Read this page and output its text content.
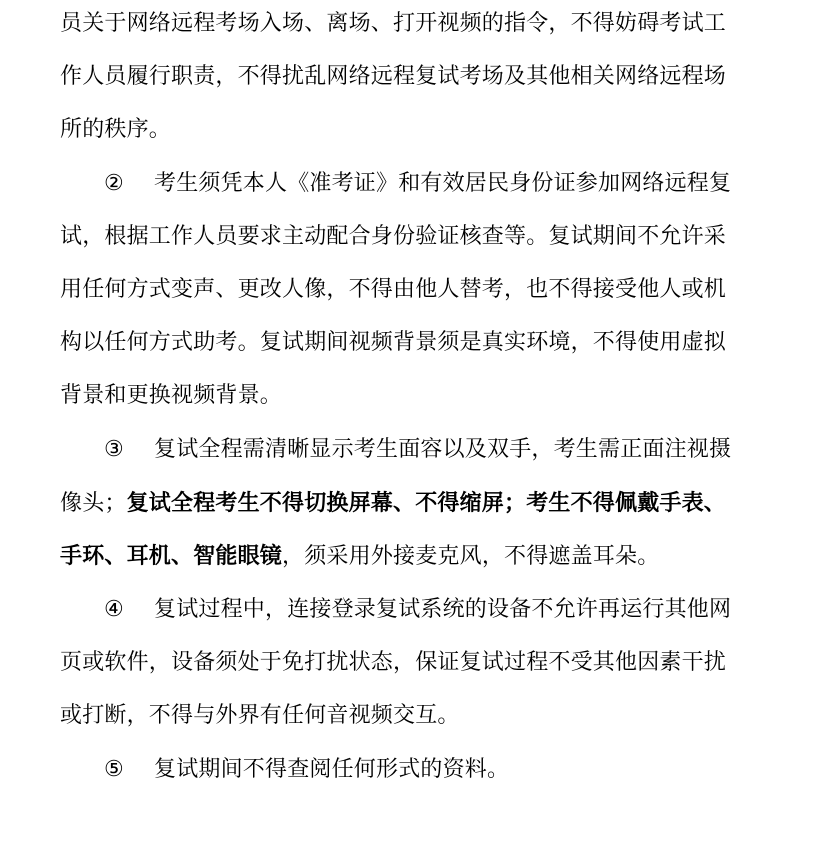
员关于网络远程考场入场、离场、打开视频的指令，不得妨碍考试工
作人员履行职责，不得扰乱网络远程复试考场及其他相关网络远程场
所的秩序。
② 考生须凭本人《准考证》和有效居民身份证参加网络远程复
试，根据工作人员要求主动配合身份验证核查等。复试期间不允许采
用任何方式变声、更改人像，不得由他人替考，也不得接受他人或机
构以任何方式助考。复试期间视频背景须是真实环境，不得使用虚拟
背景和更换视频背景。
③ 复试全程需清晰显示考生面容以及双手，考生需正面注视摄
像头；复试全程考生不得切换屏幕、不得缩屏；考生不得佩戴手表、
手环、耳机、智能眼镜，须采用外接麦克风，不得遮盖耳朵。
④ 复试过程中，连接登录复试系统的设备不允许再运行其他网
页或软件，设备须处于免打扰状态，保证复试过程不受其他因素干扰
或打断，不得与外界有任何音视频交互。
⑤ 复试期间不得查阅任何形式的资料。
